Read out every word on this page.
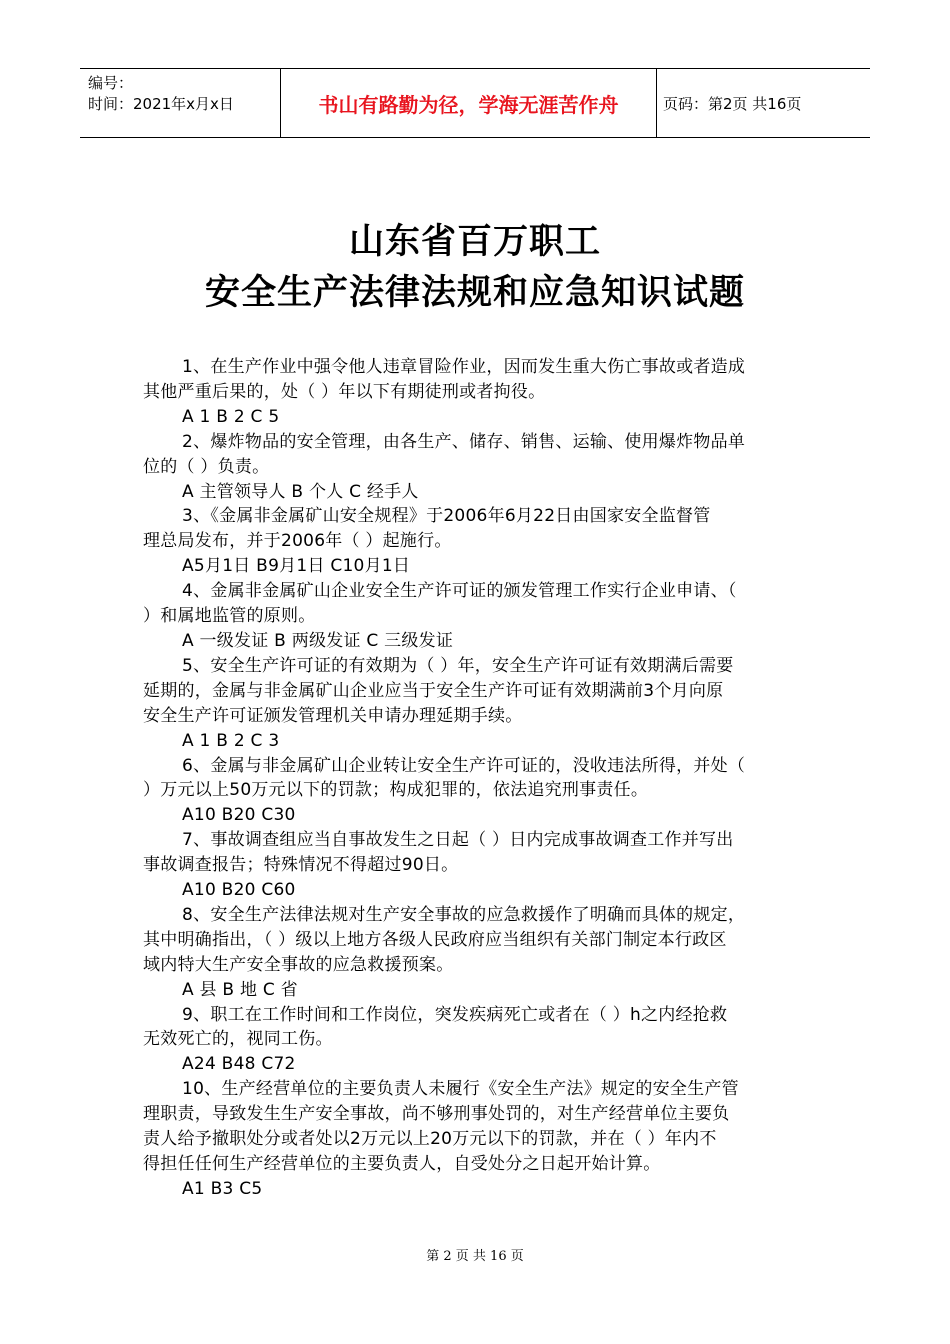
编号：
时间：2021年x月x日	书山有路勤为径，学海无涯苦作舟	页码：第2页 共16页
山东省百万职工
安全生产法律法规和应急知识试题
1、在生产作业中强令他人违章冒险作业，因而发生重大伤亡事故或者造成
其他严重后果的，处（ ）年以下有期徒刑或者拘役。
A 1 B 2 C 5
2、爆炸物品的安全管理，由各生产、储存、销售、运输、使用爆炸物品单
位的（ ）负责。
A 主管领导人 B 个人 C 经手人
3、《金属非金属矿山安全规程》于2006年6月22日由国家安全监督管
理总局发布，并于2006年（ ）起施行。
A5月1日 B9月1日 C10月1日
4、金属非金属矿山企业安全生产许可证的颁发管理工作实行企业申请、（
）和属地监管的原则。
A 一级发证 B 两级发证 C 三级发证
5、安全生产许可证的有效期为（ ）年，安全生产许可证有效期满后需要
延期的，金属与非金属矿山企业应当于安全生产许可证有效期满前3个月向原
安全生产许可证颁发管理机关申请办理延期手续。
A 1 B 2 C 3
6、金属与非金属矿山企业转让安全生产许可证的，没收违法所得，并处（
）万元以上50万元以下的罚款；构成犯罪的，依法追究刑事责任。
A10 B20 C30
7、事故调查组应当自事故发生之日起（ ）日内完成事故调查工作并写出
事故调查报告；特殊情况不得超过90日。
A10 B20 C60
8、安全生产法律法规对生产安全事故的应急救援作了明确而具体的规定，
其中明确指出，（ ）级以上地方各级人民政府应当组织有关部门制定本行政区
域内特大生产安全事故的应急救援预案。
A 县 B 地 C 省
9、职工在工作时间和工作岗位，突发疾病死亡或者在（ ）h之内经抢救
无效死亡的，视同工伤。
A24 B48 C72
10、生产经营单位的主要负责人未履行《安全生产法》规定的安全生产管
理职责，导致发生生产安全事故，尚不够刑事处罚的，对生产经营单位主要负
责人给予撤职处分或者处以2万元以上20万元以下的罚款，并在（ ）年内不
得担任任何生产经营单位的主要负责人，自受处分之日起开始计算。
A1 B3 C5
第 2 页 共 16 页
